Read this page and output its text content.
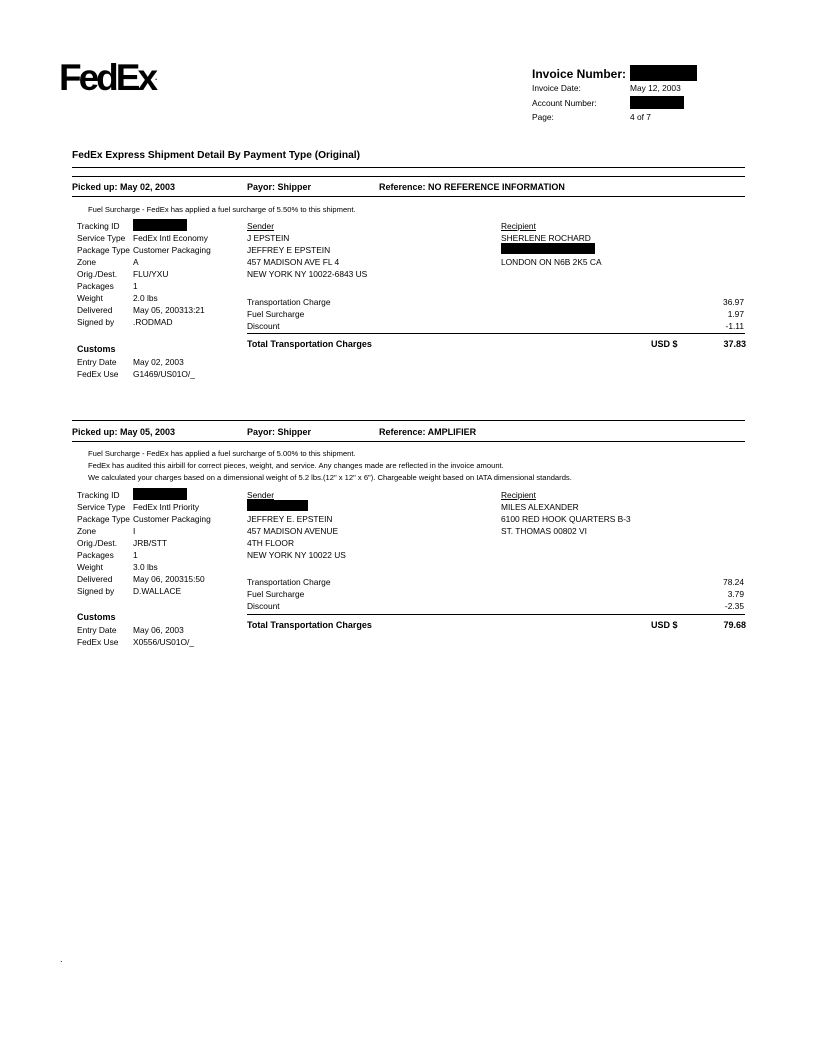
FedEx.	Invoice Number:
Invoice Date:	May 12, 2003
Account Number:
Page:	4 of 7
FedEx Express Shipment Detail By Payment Type (Original)
Picked up: May 02, 2003	Payor: Shipper	Reference: NO REFERENCE INFORMATION
Fuel Surcharge - FedEx has applied a fuel surcharge of 5.50% to this shipment.
Tracking ID
Service Type FedEx Intl Economy
Package Type Customer Packaging
Zone	A
Orig./Dest. FLU/YXU
Packages 1
Weight	2.0 lbs
Delivered May 05, 200313:21
Signed by .RODMAD
Customs
Entry Date May 02, 2003
FedEx Use G1469/US01O/_
Sender
J EPSTEIN
JEFFREY E EPSTEIN
457 MADISON AVE FL 4
NEW YORK NY 10022-6843 US
Recipient
SHERLENE ROCHARD
LONDON ON N6B 2K5 CA
Transportation Charge	36.97
Fuel Surcharge	1.97
Discount	-1.11
Total Transportation Charges	USD $	37.83
Picked up: May 05, 2003	Payor: Shipper	Reference: AMPLIFIER
Fuel Surcharge - FedEx has applied a fuel surcharge of 5.00% to this shipment.
FedEx has audited this airbill for correct pieces, weight, and service. Any changes made are reflected in the invoice amount.
We calculated your charges based on a dimensional weight of 5.2 lbs.(12" x 12" x 6"). Chargeable weight based on IATA dimensional standards.
Tracking ID
Service Type FedEx Intl Priority
Package Type Customer Packaging
Zone	I
Orig./Dest. JRB/STT
Packages 1
Weight	3.0 lbs
Delivered May 06, 200315:50
Signed by D.WALLACE
Customs
Entry Date May 06, 2003
FedEx Use X0556/US01O/_
Sender
JEFFREY E. EPSTEIN
457 MADISON AVENUE
4TH FLOOR
NEW YORK NY 10022 US
Recipient
MILES ALEXANDER
6100 RED HOOK QUARTERS B-3
ST. THOMAS 00802 VI
Transportation Charge	78.24
Fuel Surcharge	3.79
Discount	-2.35
Total Transportation Charges	USD $	79.68
.
